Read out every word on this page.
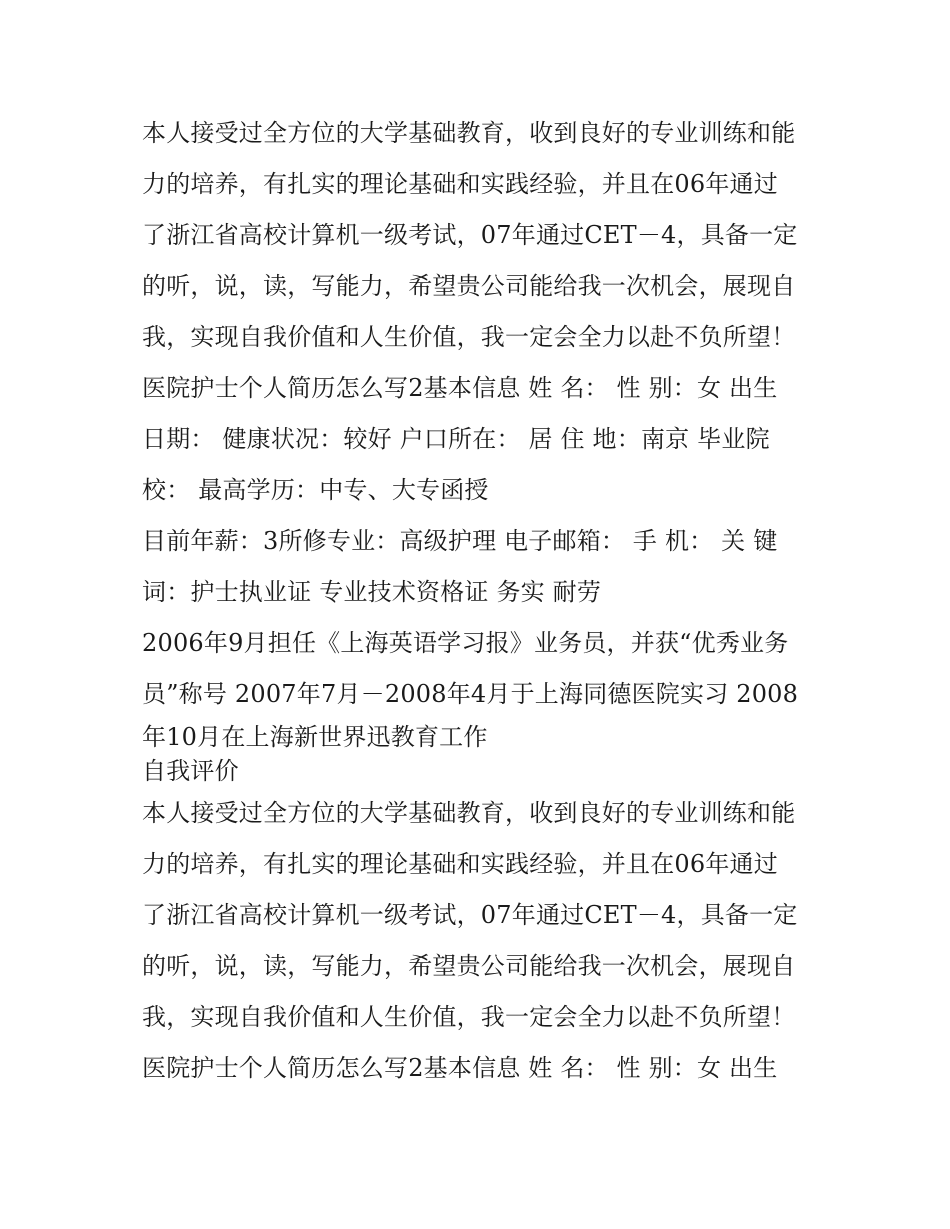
本人接受过全方位的大学基础教育，收到良好的专业训练和能
力的培养，有扎实的理论基础和实践经验，并且在06年通过
了浙江省高校计算机一级考试，07年通过CET－4，具备一定
的听，说，读，写能力，希望贵公司能给我一次机会，展现自
我，实现自我价值和人生价值，我一定会全力以赴不负所望！
医院护士个人简历怎么写2基本信息 姓 名： 性 别：女 出生
日期： 健康状况：较好 户口所在： 居 住 地：南京 毕业院
校： 最高学历：中专、大专函授
目前年薪：3所修专业：高级护理 电子邮箱： 手 机： 关 键
词：护士执业证 专业技术资格证 务实 耐劳
2006年9月担任《上海英语学习报》业务员，并获“优秀业务
员”称号 2007年7月－2008年4月于上海同德医院实习 2008
年10月在上海新世界迅教育工作
自我评价
本人接受过全方位的大学基础教育，收到良好的专业训练和能
力的培养，有扎实的理论基础和实践经验，并且在06年通过
了浙江省高校计算机一级考试，07年通过CET－4，具备一定
的听，说，读，写能力，希望贵公司能给我一次机会，展现自
我，实现自我价值和人生价值，我一定会全力以赴不负所望！
医院护士个人简历怎么写2基本信息 姓 名： 性 别：女 出生
